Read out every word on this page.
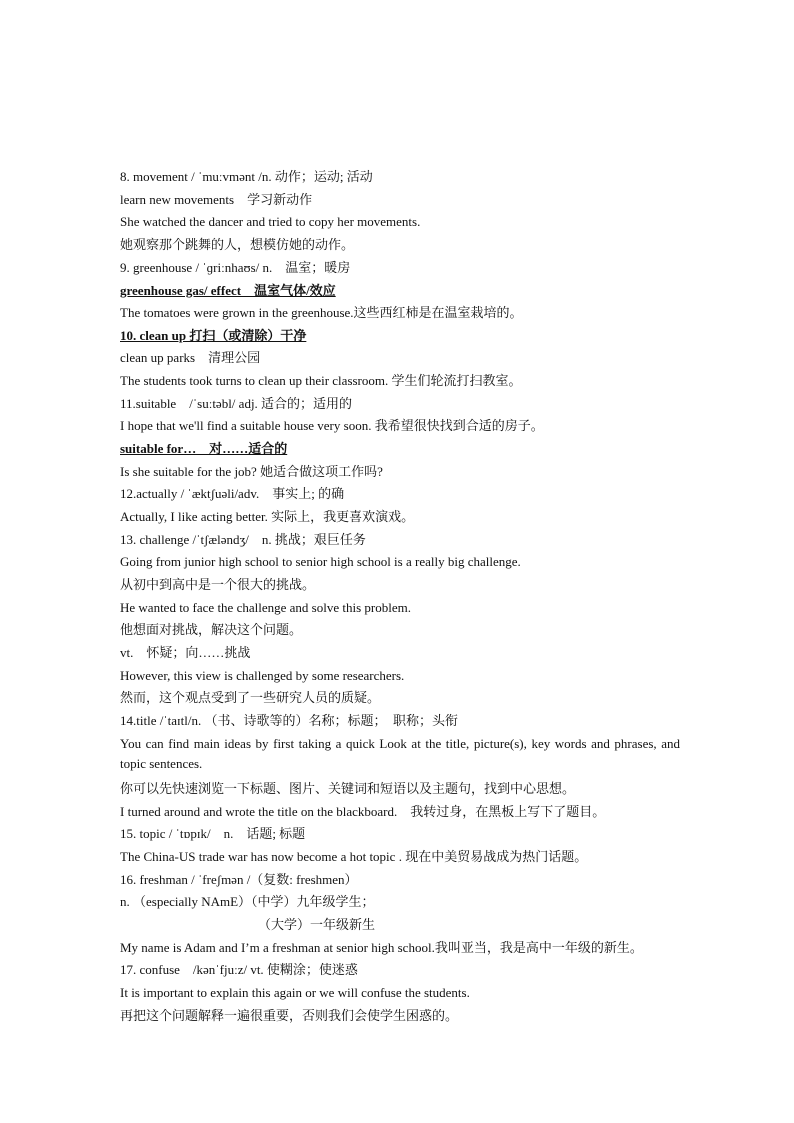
8. movement / ˈmuːvmənt /n. 动作；运动; 活动
learn new movements　学习新动作
She watched the dancer and tried to copy her movements.
她观察那个跳舞的人，想模仿她的动作。
9. greenhouse / ˈɡriːnhaʊs/ n.　温室；暖房
greenhouse gas/ effect　温室气体/效应
The tomatoes were grown in the greenhouse.这些西红柿是在温室栽培的。
10. clean up 打扫（或清除）干净
clean up parks　清理公园
The students took turns to clean up their classroom. 学生们轮流打扫教室。
11.suitable　/ˈsuːtəbl/ adj. 适合的；适用的
I hope that we'll find a suitable house very soon. 我希望很快找到合适的房子。
suitable for…　对……适合的
Is she suitable for the job? 她适合做这项工作吗?
12.actually / ˈæktʃuəli/adv.　事实上; 的确
Actually, I like acting better. 实际上，我更喜欢演戏。
13. challenge /ˈtʃæləndʒ/　n. 挑战；艰巨任务
Going from junior high school to senior high school is a really big challenge.
从初中到高中是一个很大的挑战。
He wanted to face the challenge and solve this problem.
他想面对挑战，解决这个问题。
vt.　怀疑；向……挑战
However, this view is challenged by some researchers.
然而，这个观点受到了一些研究人员的质疑。
14.title /ˈtaɪtl/n. （书、诗歌等的）名称；标题；　职称；头衔
You can find main ideas by first taking a quick Look at the title, picture(s), key words and phrases, and topic sentences.
你可以先快速浏览一下标题、图片、关键词和短语以及主题句，找到中心思想。
I turned around and wrote the title on the blackboard.　我转过身，在黑板上写下了题目。
15. topic / ˈtɒpɪk/　n.　话题; 标题
The China-US trade war has now become a hot topic . 现在中美贸易战成为热门话题。
16. freshman / ˈfreʃmən /（复数: freshmen）
n. （especially NAmE）（中学）九年级学生；
（大学）一年级新生
My name is Adam and I’m a freshman at senior high school.我叫亚当，我是高中一年级的新生。
17. confuse　/kənˈfjuːz/ vt. 使糊涂；使迷惑
It is important to explain this again or we will confuse the students.
再把这个问题解释一遍很重要，否则我们会使学生困惑的。
